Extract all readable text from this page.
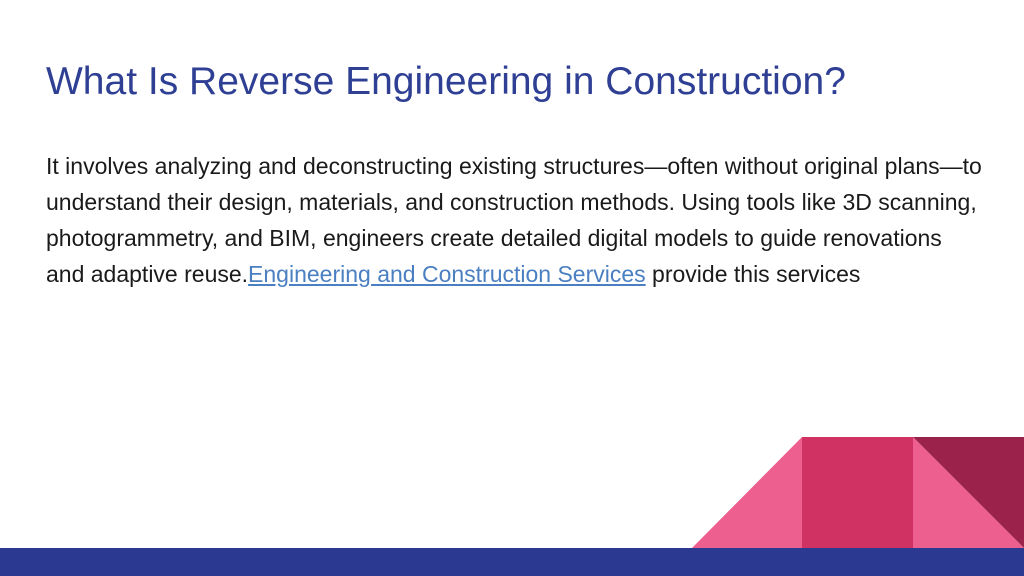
What Is Reverse Engineering in Construction?

It involves analyzing and deconstructing existing structures—often without original plans—to understand their design, materials, and construction methods. Using tools like 3D scanning, photogrammetry, and BIM, engineers create detailed digital models to guide renovations and adaptive reuse.Engineering and Construction Services provide this services
